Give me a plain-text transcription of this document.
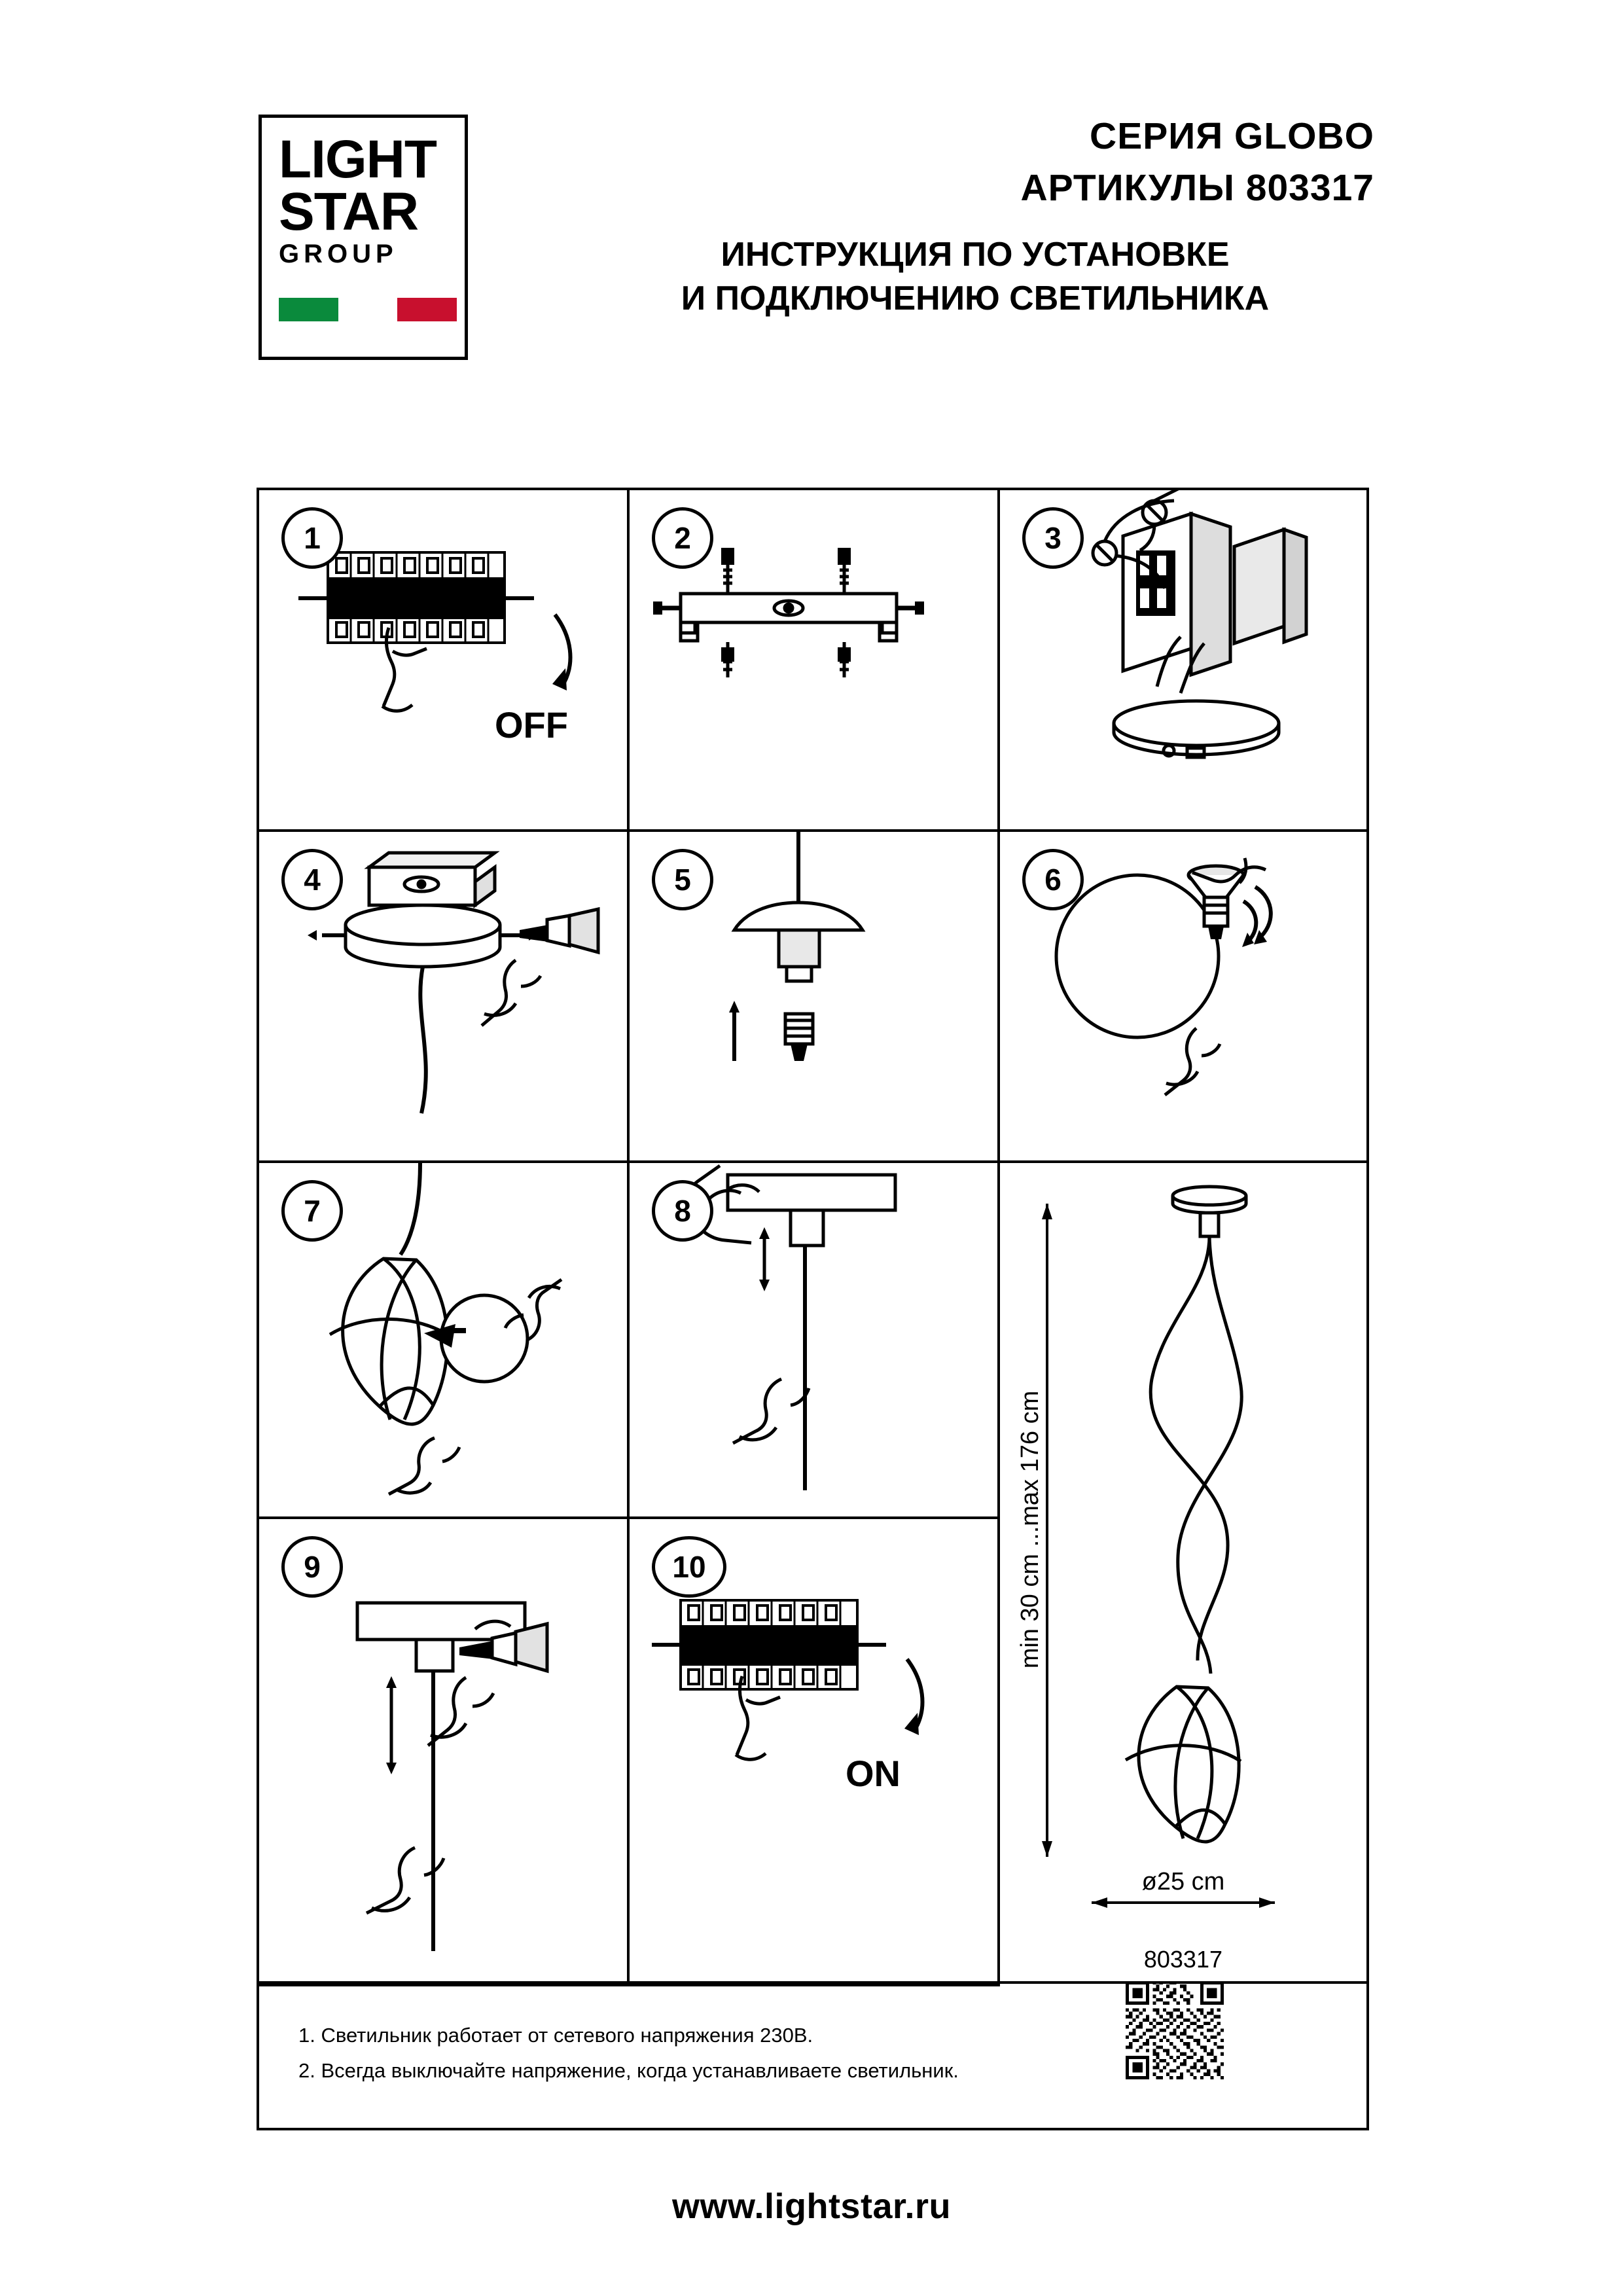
LIGHT
STAR
GROUP
СЕРИЯ GLOBO
АРТИКУЛЫ 803317
ИНСТРУКЦИЯ ПО УСТАНОВКЕ
И ПОДКЛЮЧЕНИЮ СВЕТИЛЬНИКА
1
OFF
2	3
4	5	6
7	8
min 30 cm ...max 176 cm
ø25 cm
9	10
ON
803317
1. Светильник работает от сетевого напряжения 230В.
2. Всегда выключайте напряжение, когда устанавливаете светильник.
www.lightstar.ru
